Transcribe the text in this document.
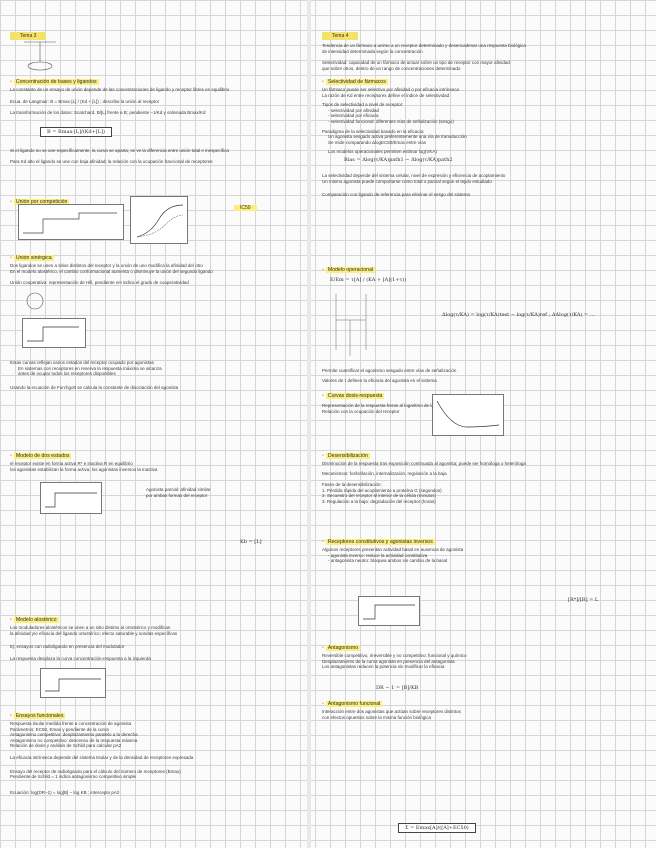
Tema 3
• Concentración de bases y ligandos
La constante de un ensayo de unión depende de las concentraciones de ligando y receptor libres en equilibrio
Ecua. de Langmuir: B = Bmax·[L] / (Kd + [L]) ; describe la unión al receptor
La transformación de los datos: Scatchard, B/[L] frente a B; pendiente −1/Kd y ordenada Bmax/Kd
B = Bmax·[L]/(Kd+[L])
Si el ligando no se une específicamente, la curva se aparta; se ve la diferencia entre unión total e inespecífica
Para Kd alto el ligando se une con baja afinidad; la relación con la ocupación fraccional de receptores
• Unión por competición
IC50
• Unión sinérgica
Dos ligandos se unen a sitios distintos del receptor y la unión de uno modifica la afinidad del otro
En el modelo alostérico, el cambio conformacional aumenta o disminuye la unión del segundo ligando
Unión cooperativa: representación de Hill, pendiente nH indica el grado de cooperatividad
Estas curvas reflejan varios estados del receptor ocupado por agonistas
En sistemas con receptores en reserva la respuesta máxima se alcanza
antes de ocupar todos los receptores disponibles
Usando la ecuación de Furchgott se calcula la constante de disociación del agonista
• Modelo de dos estados
el receptor existe en forma activa R* e inactiva R en equilibrio
los agonistas estabilizan la forma activa; los agonistas inversos la inactiva
Agonista parcial: afinidad similar
por ambas formas del receptor
Kb = [L]
• Modelo alostérico
Los moduladores alostéricos se unen a un sitio distinto al ortostérico y modifican
la afinidad y/o eficacia del ligando ortostérico; efecto saturable y sondas específicas
Ej: ensayos con radioligando en presencia del modulador
La respuesta desplaza la curva concentración-respuesta a la izquierda
• Ensayos funcionales
Respuesta tisular medida frente a concentración de agonista
Parámetros: EC50, Emax y pendiente de la curva
Antagonismo competitivo: desplazamiento paralelo a la derecha
Antagonismo no competitivo: descenso de la respuesta máxima
Relación de dosis y análisis de Schild para calcular pA2
La eficacia intrínseca depende del sistema tisular y de la densidad de receptores expresada
Ensayo del receptor de radioligando para el cálculo del número de receptores (Bmax)
Pendiente de Schild = 1 indica antagonismo competitivo simple
Ecuación: log(DR−1) = log[B] − log KB ; intercepto pA2
Tema 4
Tendencia de un fármaco a unirse a un receptor determinado y desencadenar una respuesta biológica
de intensidad determinada según la concentración
Selectividad: capacidad de un fármaco de actuar sobre un tipo de receptor con mayor afinidad
que sobre otros, dentro de un rango de concentraciones determinado
• Selectividad de fármacos
Un fármaco puede ser selectivo por afinidad o por eficacia intrínseca
La razón de Kd entre receptores define el índice de selectividad
Tipos de selectividad a nivel de receptor:
- selectividad por afinidad
- selectividad por eficacia
- selectividad funcional: diferentes vías de señalización (sesgo)
Paradigma de la selectividad basado en la eficacia:
Un agonista sesgado activa preferentemente una vía de transducción
Se mide comparando ΔlogEC50/Emax entre vías
Los modelos operacionales permiten estimar log(τ/KA)
Bias = Δlog(τ/KA)path1 − Δlog(τ/KA)path2
La selectividad depende del sistema celular, nivel de expresión y eficiencia de acoplamiento
Un mismo agonista puede comportarse como total o parcial según el tejido estudiado
Comparación con ligando de referencia para eliminar el sesgo del sistema
• Modelo operacional
E/Em = τ[A] / (KA + [A](1+τ))
Δlog(τ/KA) = log(τ/KA)test − log(τ/KA)ref ; ΔΔlog(τ/KA) = ...
Permite cuantificar el agonismo sesgado entre vías de señalización
Valores de τ definen la eficacia del agonista en el sistema
• Curvas dosis-respuesta
Representación de la respuesta frente al logaritmo de la dosis
Relación con la ocupación del receptor
• Desensibilización
Disminución de la respuesta tras exposición continuada al agonista; puede ser homóloga o heteróloga
Mecanismos: fosforilación, internalización, regulación a la baja
Fases de la desensibilización:
1. Pérdida rápida del acoplamiento a proteína G (segundos)
2. Secuestro del receptor al interior de la célula (minutos)
3. Regulación a la baja: degradación del receptor (horas)
• Receptores constitutivos y agonistas inversos
Algunos receptores presentan actividad basal en ausencia de agonista
- agonista inverso: reduce la actividad constitutiva
- antagonista neutro: bloquea ambos sin cambio de la basal
[R*]/[R] = L
• Antagonismo
Reversible competitivo, irreversible y no competitivo; funcional y químico
Desplazamiento de la curva agonista en presencia del antagonista
Los antagonistas reducen la potencia sin modificar la eficacia
DR − 1 = [B]/KB
• Antagonismo funcional
Interacción entre dos agonistas que actúan sobre receptores distintos
con efectos opuestos sobre la misma función biológica
Σ = Emax[A]/([A]+EC50)
